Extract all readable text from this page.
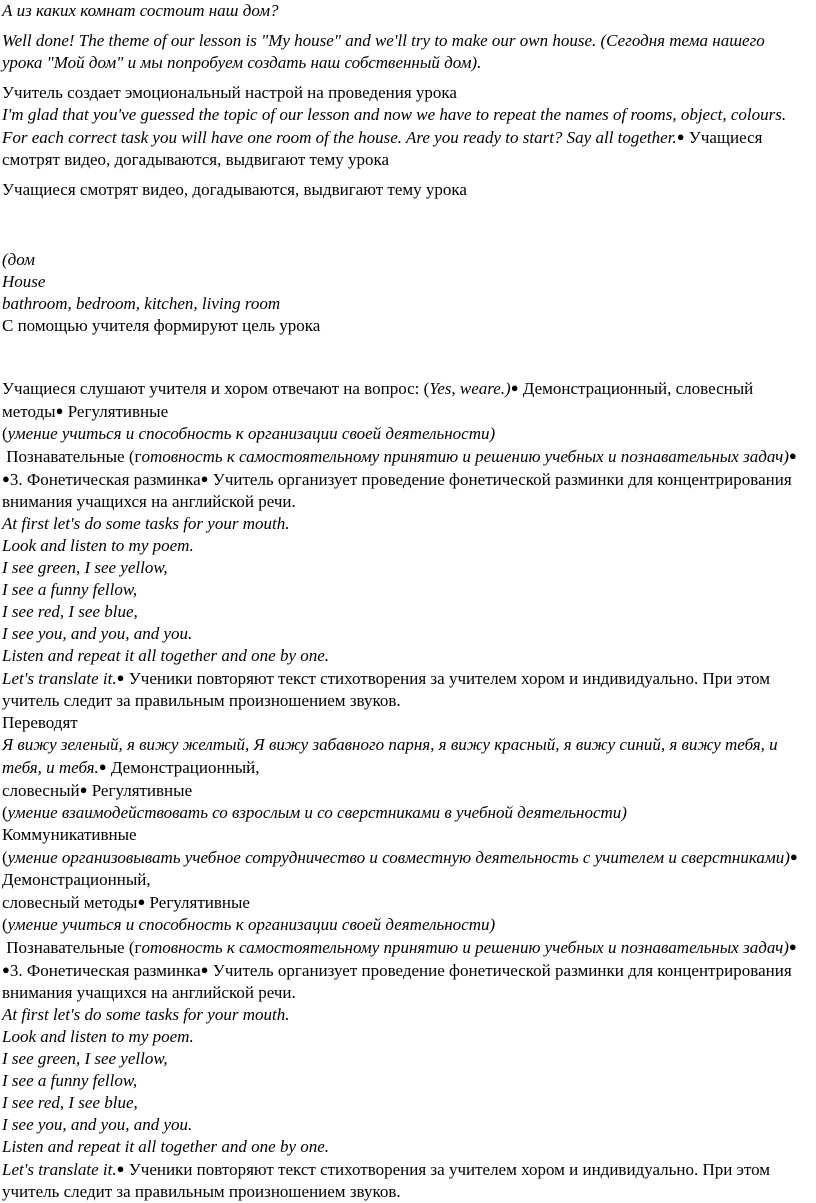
А из каких комнат состоит наш дом?

Well done! The theme of our lesson is "My house" and we'll try to make our own house. (Сегодня тема нашего урока "Мой дом" и мы попробуем создать наш собственный дом).

Учитель создает эмоциональный настрой на проведения урока
I'm glad that you've guessed the topic of our lesson and now we have to repeat the names of rooms, object, colours. For each correct task you will have one room of the house. Are you ready to start? Say all together.● Учащиеся смотрят видео, догадываются, выдвигают тему урока

Учащиеся смотрят видео, догадываются, выдвигают тему урока

(дом
House
bathroom, bedroom, kitchen, living room
С помощью учителя формируют цель урока

Учащиеся слушают учителя и хором отвечают на вопрос: (Yes, weare.)● Демонстрационный, словесный методы● Регулятивные
(умение учиться и способность к организации своей деятельности)
Познавательные (готовность к самостоятельному принятию и решению учебных и познавательных задач)● ●3. Фонетическая разминка● Учитель организует проведение фонетической разминки для концентрирования внимания учащихся на английской речи.
At first let's do some tasks for your mouth.
Look and listen to my poem.
I see green, I see yellow,
I see a funny fellow,
I see red, I see blue,
I see you, and you, and you.
Listen and repeat it all together and one by one.
Let's translate it.● Ученики повторяют текст стихотворения за учителем хором и индивидуально. При этом учитель следит за правильным произношением звуков.
Переводят
Я вижу зеленый, я вижу желтый, Я вижу забавного парня, я вижу красный, я вижу синий, я вижу тебя, и тебя, и тебя.● Демонстрационный,
словесный● Регулятивные
(умение взаимодействовать со взрослым и со сверстниками в учебной деятельности)
Коммуникативные
(умение организовывать учебное сотрудничество и совместную деятельность с учителем и сверстниками)●
Демонстрационный,
словесный методы● Регулятивные
(умение учиться и способность к организации своей деятельности)
Познавательные (готовность к самостоятельному принятию и решению учебных и познавательных задач)● ●3. Фонетическая разминка● Учитель организует проведение фонетической разминки для концентрирования внимания учащихся на английской речи.
At first let's do some tasks for your mouth.
Look and listen to my poem.
I see green, I see yellow,
I see a funny fellow,
I see red, I see blue,
I see you, and you, and you.
Listen and repeat it all together and one by one.
Let's translate it.● Ученики повторяют текст стихотворения за учителем хором и индивидуально. При этом учитель следит за правильным произношением звуков.
